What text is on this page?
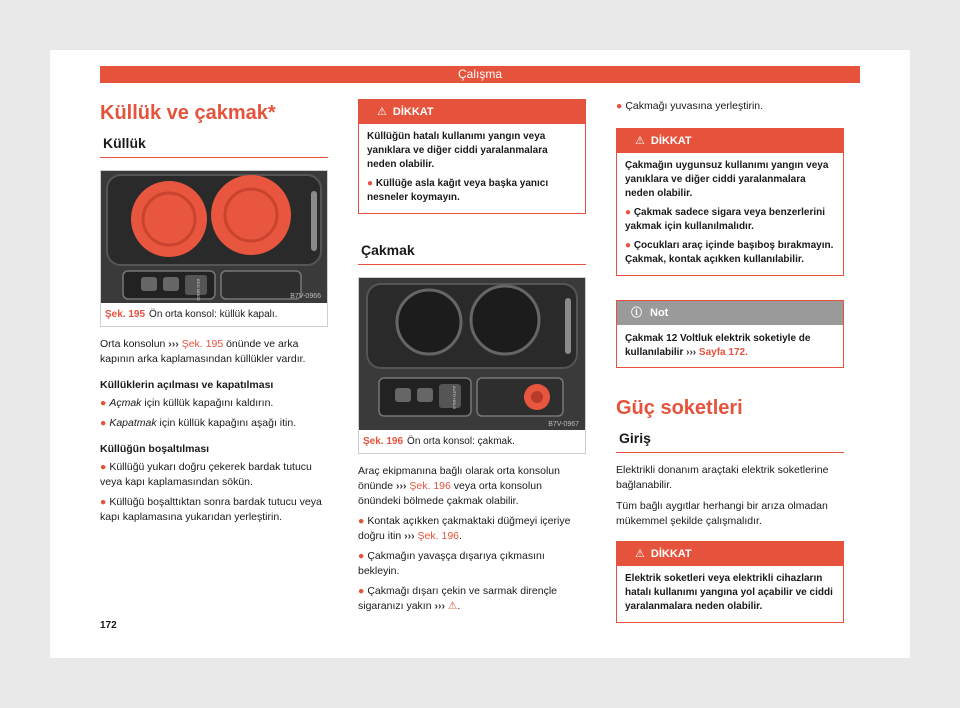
Çalışma
Küllük ve çakmak*
Küllük
B7V-0966
ECO MODE
Şek. 195 Ön orta konsol: küllük kapalı.

Orta konsolun ››› Şek. 195 önünde ve arka kapının arka kaplamasından küllükler vardır.

Küllüklerin açılması ve kapatılması
● Açmak için küllük kapağını kaldırın.
● Kapatmak için küllük kapağını aşağı itin.
Küllüğün boşaltılması
● Küllüğü yukarı doğru çekerek bardak tutucu veya kapı kaplamasından sökün.
● Küllüğü boşalttıktan sonra bardak tutucu veya kapı kaplamasına yukarıdan yerleştirin.
⚠ DİKKAT
Küllüğün hatalı kullanımı yangın veya yanıklara ve diğer ciddi yaralanmalara neden olabilir.
● Küllüğe asla kağıt veya başka yanıcı nesneler koymayın.
Çakmak
B7V-0967
AUTO HOLD
Şek. 196 Ön orta konsol: çakmak.

Araç ekipmanına bağlı olarak orta konsolun önünde ››› Şek. 196 veya orta konsolun önündeki bölmede çakmak olabilir.

● Kontak açıkken çakmaktaki düğmeyi içeriye doğru itin ››› Şek. 196.
● Çakmağın yavaşça dışarıya çıkmasını bekleyin.
● Çakmağı dışarı çekin ve sarmak dirençle sigaranızı yakın ››› ⚠.
● Çakmağı yuvasına yerleştirin.
⚠ DİKKAT
Çakmağın uygunsuz kullanımı yangın veya yanıklara ve diğer ciddi yaralanmalara neden olabilir.
● Çakmak sadece sigara veya benzerlerini yakmak için kullanılmalıdır.
● Çocukları araç içinde başıboş bırakmayın. Çakmak, kontak açıkken kullanılabilir.
ⓘ Not
Çakmak 12 Voltluk elektrik soketiyle de kullanılabilir ››› Sayfa 172.
Güç soketleri
Giriş

Elektrikli donanım araçtaki elektrik soketlerine bağlanabilir.

Tüm bağlı aygıtlar herhangi bir arıza olmadan mükemmel şekilde çalışmalıdır.

⚠ DİKKAT
Elektrik soketleri veya elektrikli cihazların hatalı kullanımı yangına yol açabilir ve ciddi yaralanmalara neden olabilir.
172
